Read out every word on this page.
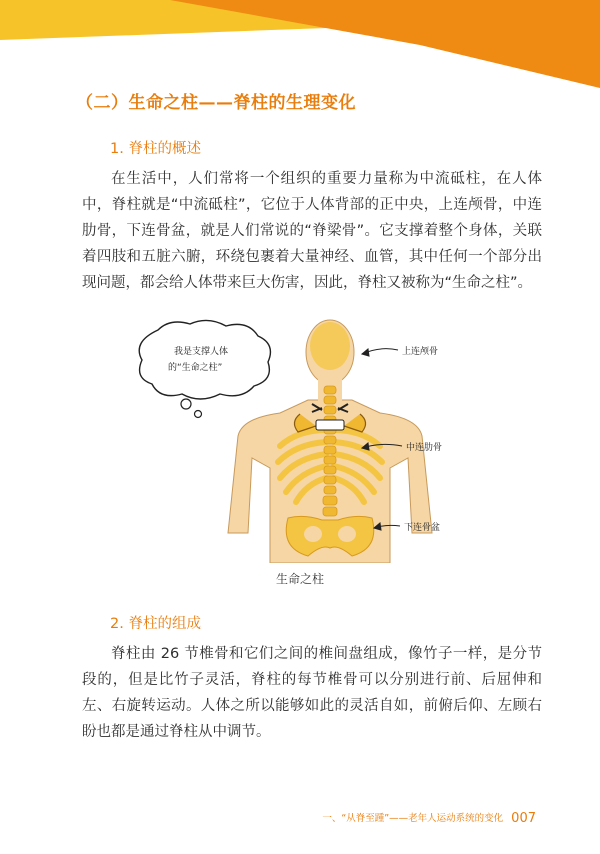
（二）生命之柱——脊柱的生理变化
1. 脊柱的概述

在生活中，人们常将一个组织的重要力量称为中流砥柱，在人体中，脊柱就是“中流砥柱”，它位于人体背部的正中央，上连颅骨，中连肋骨，下连骨盆，就是人们常说的“脊梁骨”。它支撑着整个身体，关联着四肢和五脏六腑，环绕包裹着大量神经、血管，其中任何一个部分出现问题，都会给人体带来巨大伤害，因此，脊柱又被称为“生命之柱”。

我是支撑人体
的“生命之柱”
上连颅骨
中连肋骨
下连骨盆
生命之柱
2. 脊柱的组成

脊柱由 26 节椎骨和它们之间的椎间盘组成，像竹子一样，是分节段的，但是比竹子灵活，脊柱的每节椎骨可以分别进行前、后屈伸和左、右旋转运动。人体之所以能够如此的灵活自如，前俯后仰、左顾右盼也都是通过脊柱从中调节。

一、“从脊至踵”——老年人运动系统的变化 007
